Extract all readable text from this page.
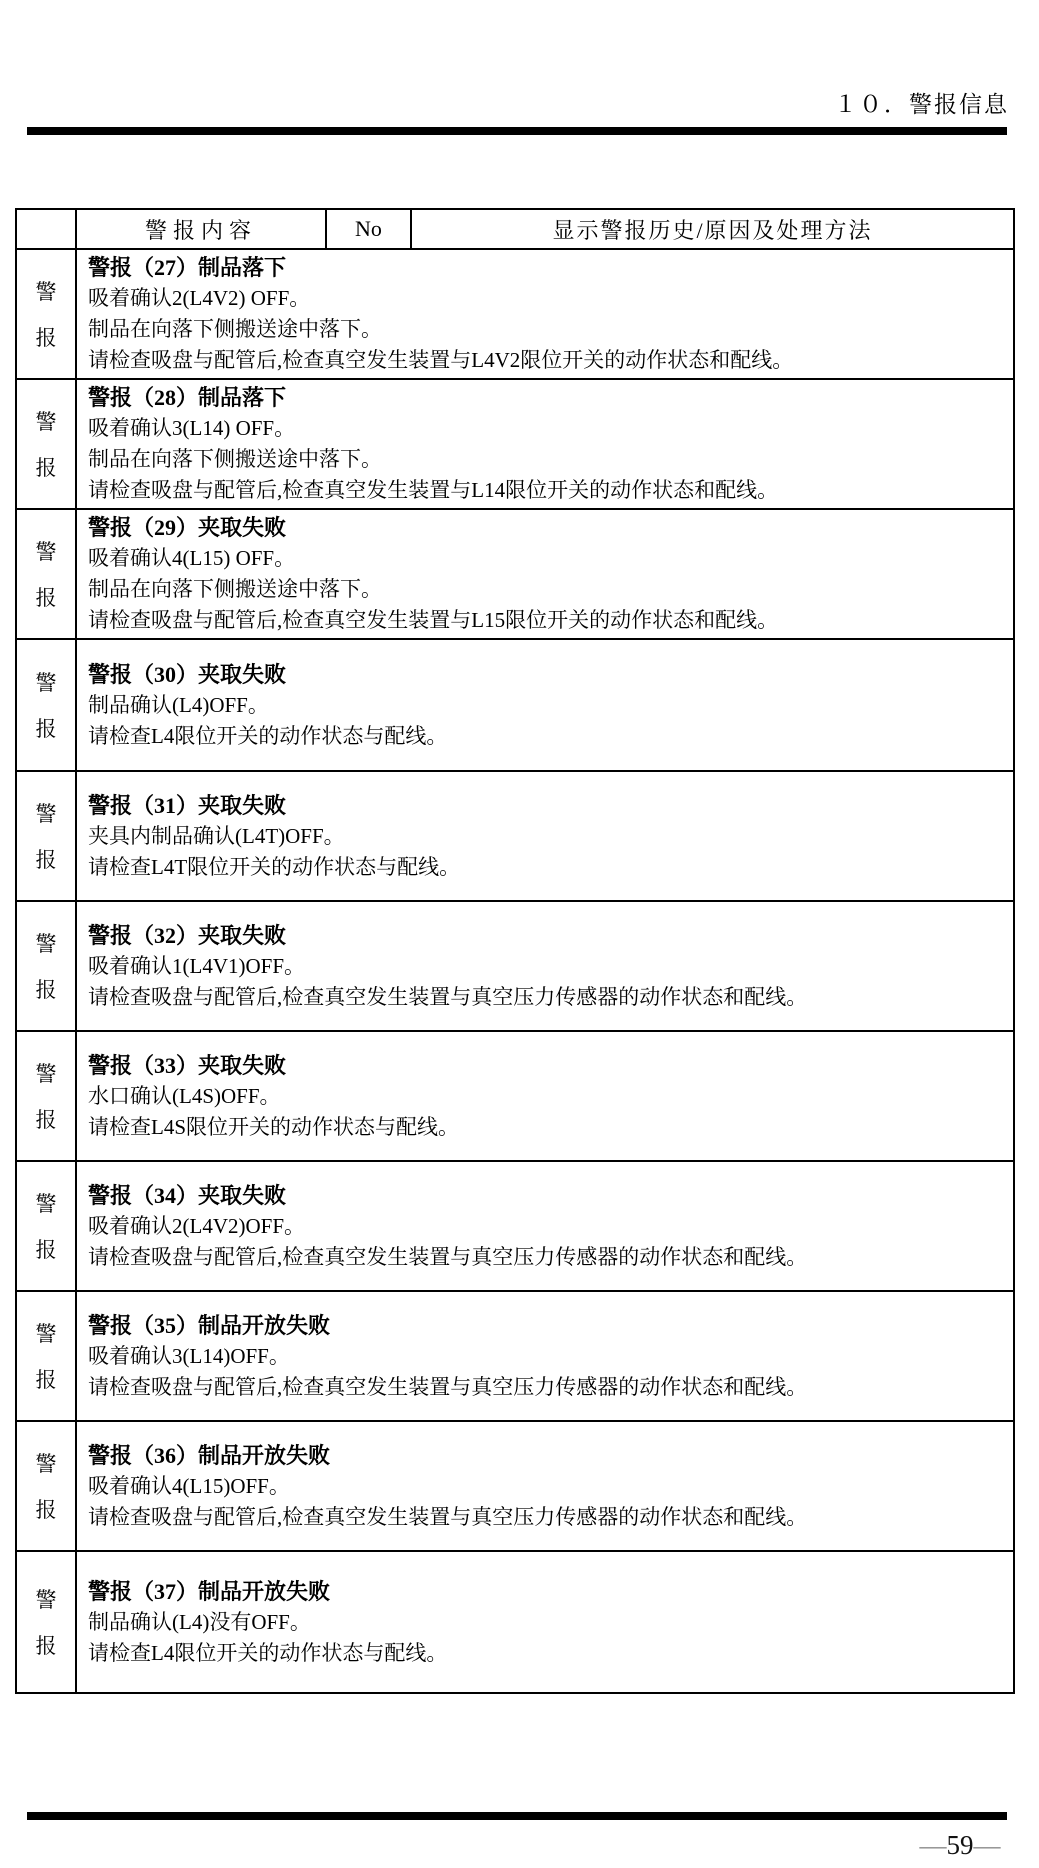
１０．警报信息
警报内容	No	显示警报历史/原因及处理方法
警
报
警报（27）制品落下
吸着确认2(L4V2) OFF。
制品在向落下侧搬送途中落下。
请检查吸盘与配管后,检查真空发生装置与L4V2限位开关的动作状态和配线。
警
报
警报（28）制品落下
吸着确认3(L14) OFF。
制品在向落下侧搬送途中落下。
请检查吸盘与配管后,检查真空发生装置与L14限位开关的动作状态和配线。
警
报
警报（29）夹取失败
吸着确认4(L15) OFF。
制品在向落下侧搬送途中落下。
请检查吸盘与配管后,检查真空发生装置与L15限位开关的动作状态和配线。
警
报
警报（30）夹取失败
制品确认(L4)OFF。
请检查L4限位开关的动作状态与配线。
警
报
警报（31）夹取失败
夹具内制品确认(L4T)OFF。
请检查L4T限位开关的动作状态与配线。
警
报
警报（32）夹取失败
吸着确认1(L4V1)OFF。
请检查吸盘与配管后,检查真空发生装置与真空压力传感器的动作状态和配线。
警
报
警报（33）夹取失败
水口确认(L4S)OFF。
请检查L4S限位开关的动作状态与配线。
警
报
警报（34）夹取失败
吸着确认2(L4V2)OFF。
请检查吸盘与配管后,检查真空发生装置与真空压力传感器的动作状态和配线。
警
报
警报（35）制品开放失败
吸着确认3(L14)OFF。
请检查吸盘与配管后,检查真空发生装置与真空压力传感器的动作状态和配线。
警
报
警报（36）制品开放失败
吸着确认4(L15)OFF。
请检查吸盘与配管后,检查真空发生装置与真空压力传感器的动作状态和配线。
警
报
警报（37）制品开放失败
制品确认(L4)没有OFF。
请检查L4限位开关的动作状态与配线。
—59—
